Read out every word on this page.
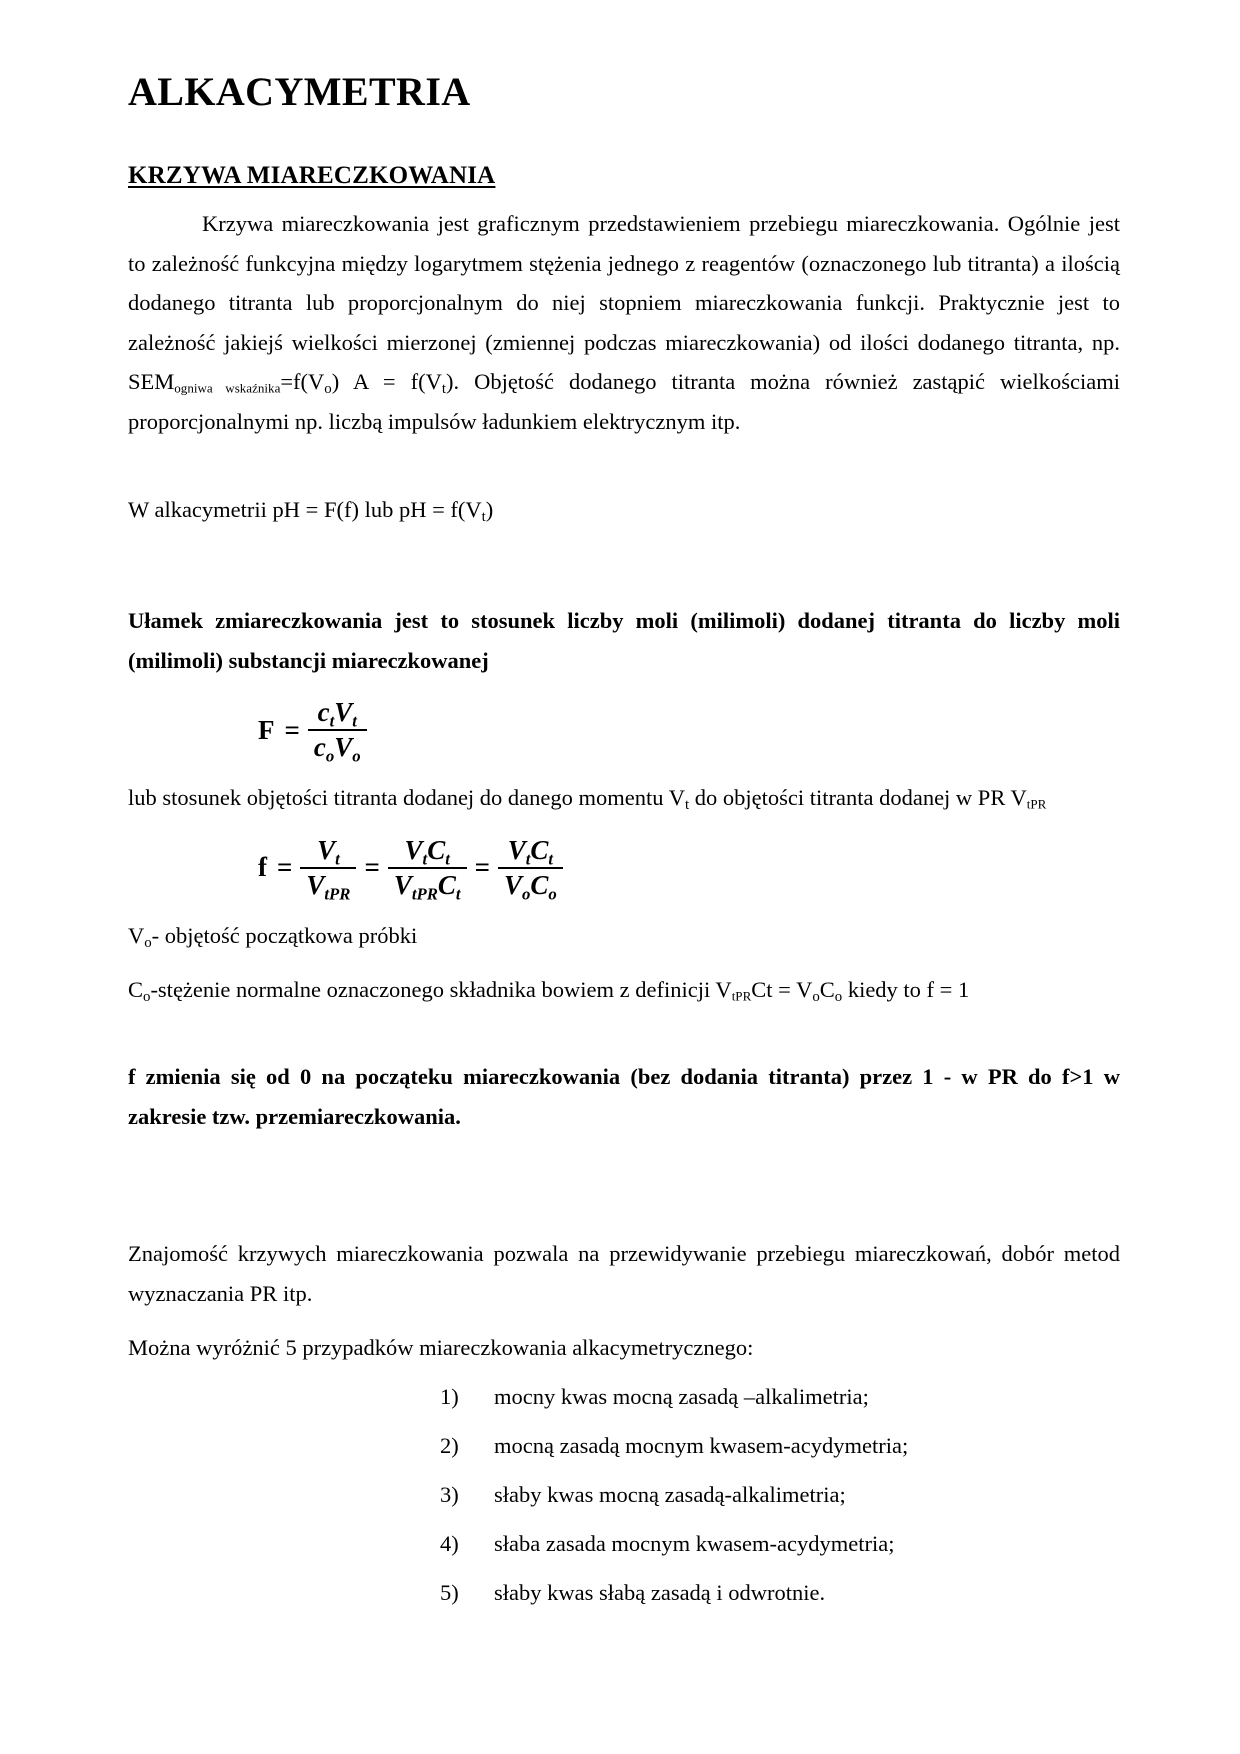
ALKACYMETRIA
KRZYWA MIARECZKOWANIA

Krzywa miareczkowania jest graficznym przedstawieniem przebiegu miareczkowania. Ogólnie jest to zależność funkcyjna między logarytmem stężenia jednego z reagentów (oznaczonego lub titranta) a ilością dodanego titranta lub proporcjonalnym do niej stopniem miareczkowania funkcji. Praktycznie jest to zależność jakiejś wielkości mierzonej (zmiennej podczas miareczkowania) od ilości dodanego titranta, np. $SEM_{ogniwa wskaźnika}=f(V_o) A = f(V_t)$. Objętość dodanego titranta można również zastąpić wielkościami proporcjonalnymi np. liczbą impulsów ładunkiem elektrycznym itp.

W alkacymetrii pH = F(f) lub pH = $f(V_t)$

Ułamek zmiareczkowania jest to stosunek liczby moli (milimoli) dodanej titranta do liczby moli (milimoli) substancji miareczkowanej

$F = \frac{\text{ctVt}}{\text{coVo}}$

lub stosunek objętości titranta dodanej do danego momentu $V_t$ do objętości titranta dodanej w PR $V_{tPR}$

$f = \frac{Vt}{\text{VtPR}} = \frac{\text{VtCt}}{\text{VtPRCt}} = \frac{\text{VtCt}}{\text{VoCo}}$

$V_o-$ objętość początkowa próbki

$C_o$-stężenie normalne oznaczonego składnika bowiem z definicji $V_{tPR}Ct = V_oC_o$ kiedy to f = 1

f zmienia się od 0 na począteku miareczkowania (bez dodania titranta) przez 1 - w PR do f>1 w zakresie tzw. przemiareczkowania.

Znajomość krzywych miareczkowania pozwala na przewidywanie przebiegu miareczkowań, dobór metod wyznaczania PR itp.

Można wyróżnić 5 przypadków miareczkowania alkacymetrycznego:

1)	mocny kwas mocną zasadą –alkalimetria;
2)	mocną zasadą mocnym kwasem-acydymetria;
3)	słaby kwas mocną zasadą-alkalimetria;
4)	słaba zasada mocnym kwasem-acydymetria;
5)	słaby kwas słabą zasadą i odwrotnie.
